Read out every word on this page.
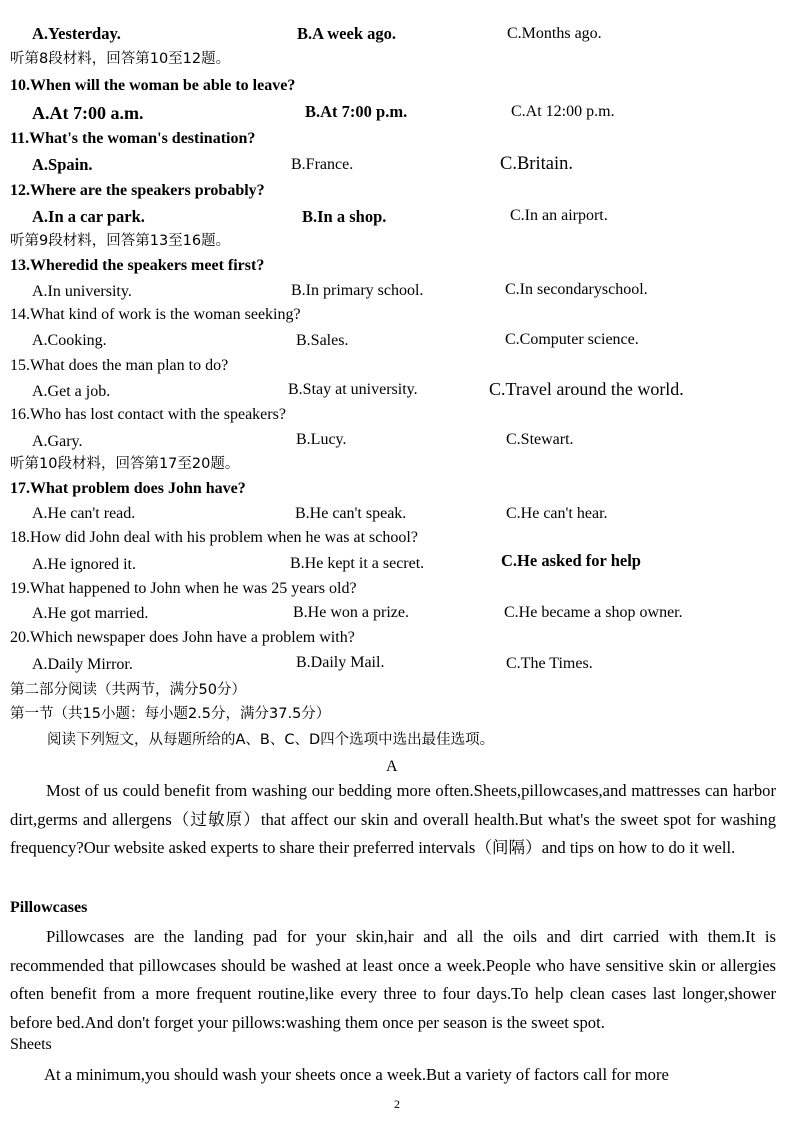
A.Yesterday.	B.A week ago.	C.Months ago.
听第8段材料，回答第10至12题。
10.When will the woman be able to leave?
A.At 7:00 a.m.	B.At 7:00 p.m.	C.At 12:00 p.m.
11.What's the woman's destination?
A.Spain.	B.France.	C.Britain.
12.Where are the speakers probably?
A.In a car park.	B.In a shop.	C.In an airport.
听第9段材料，回答第13至16题。
13.Wheredid the speakers meet first?
A.In university.	B.In primary school.	C.In secondaryschool.
14.What kind of work is the woman seeking?
A.Cooking.	B.Sales.	C.Computer science.
15.What does the man plan to do?
A.Get a job.	B.Stay at university.	C.Travel around the world.
16.Who has lost contact with the speakers?
A.Gary.	B.Lucy.	C.Stewart.
听第10段材料，回答第17至20题。
17.What problem does John have?
A.He can't read.	B.He can't speak.	C.He can't hear.
18.How did John deal with his problem when he was at school?
A.He ignored it.	B.He kept it a secret.	C.He asked for help
19.What happened to John when he was 25 years old?
A.He got married.	B.He won a prize.	C.He became a shop owner.
20.Which newspaper does John have a problem with?
A.Daily Mirror.	B.Daily Mail.	C.The Times.
第二部分阅读（共两节，满分50分）
第一节（共15小题：每小题2.5分，满分37.5分）
阅读下列短文，从每题所给的A、B、C、D四个选项中选出最佳选项。
A

Most of us could benefit from washing our bedding more often.Sheets,pillowcases,and mattresses can harbor dirt,germs and allergens（过敏原）that affect our skin and overall health.But what's the sweet spot for washing frequency?Our website asked experts to share their preferred intervals（间隔）and tips on how to do it well.

Pillowcases

Pillowcases are the landing pad for your skin,hair and all the oils and dirt carried with them.It is recommended that pillowcases should be washed at least once a week.People who have sensitive skin or allergies often benefit from a more frequent routine,like every three to four days.To help clean cases last longer,shower before bed.And don't forget your pillows:washing them once per season is the sweet spot.

Sheets

At a minimum,you should wash your sheets once a week.But a variety of factors call for more

2
